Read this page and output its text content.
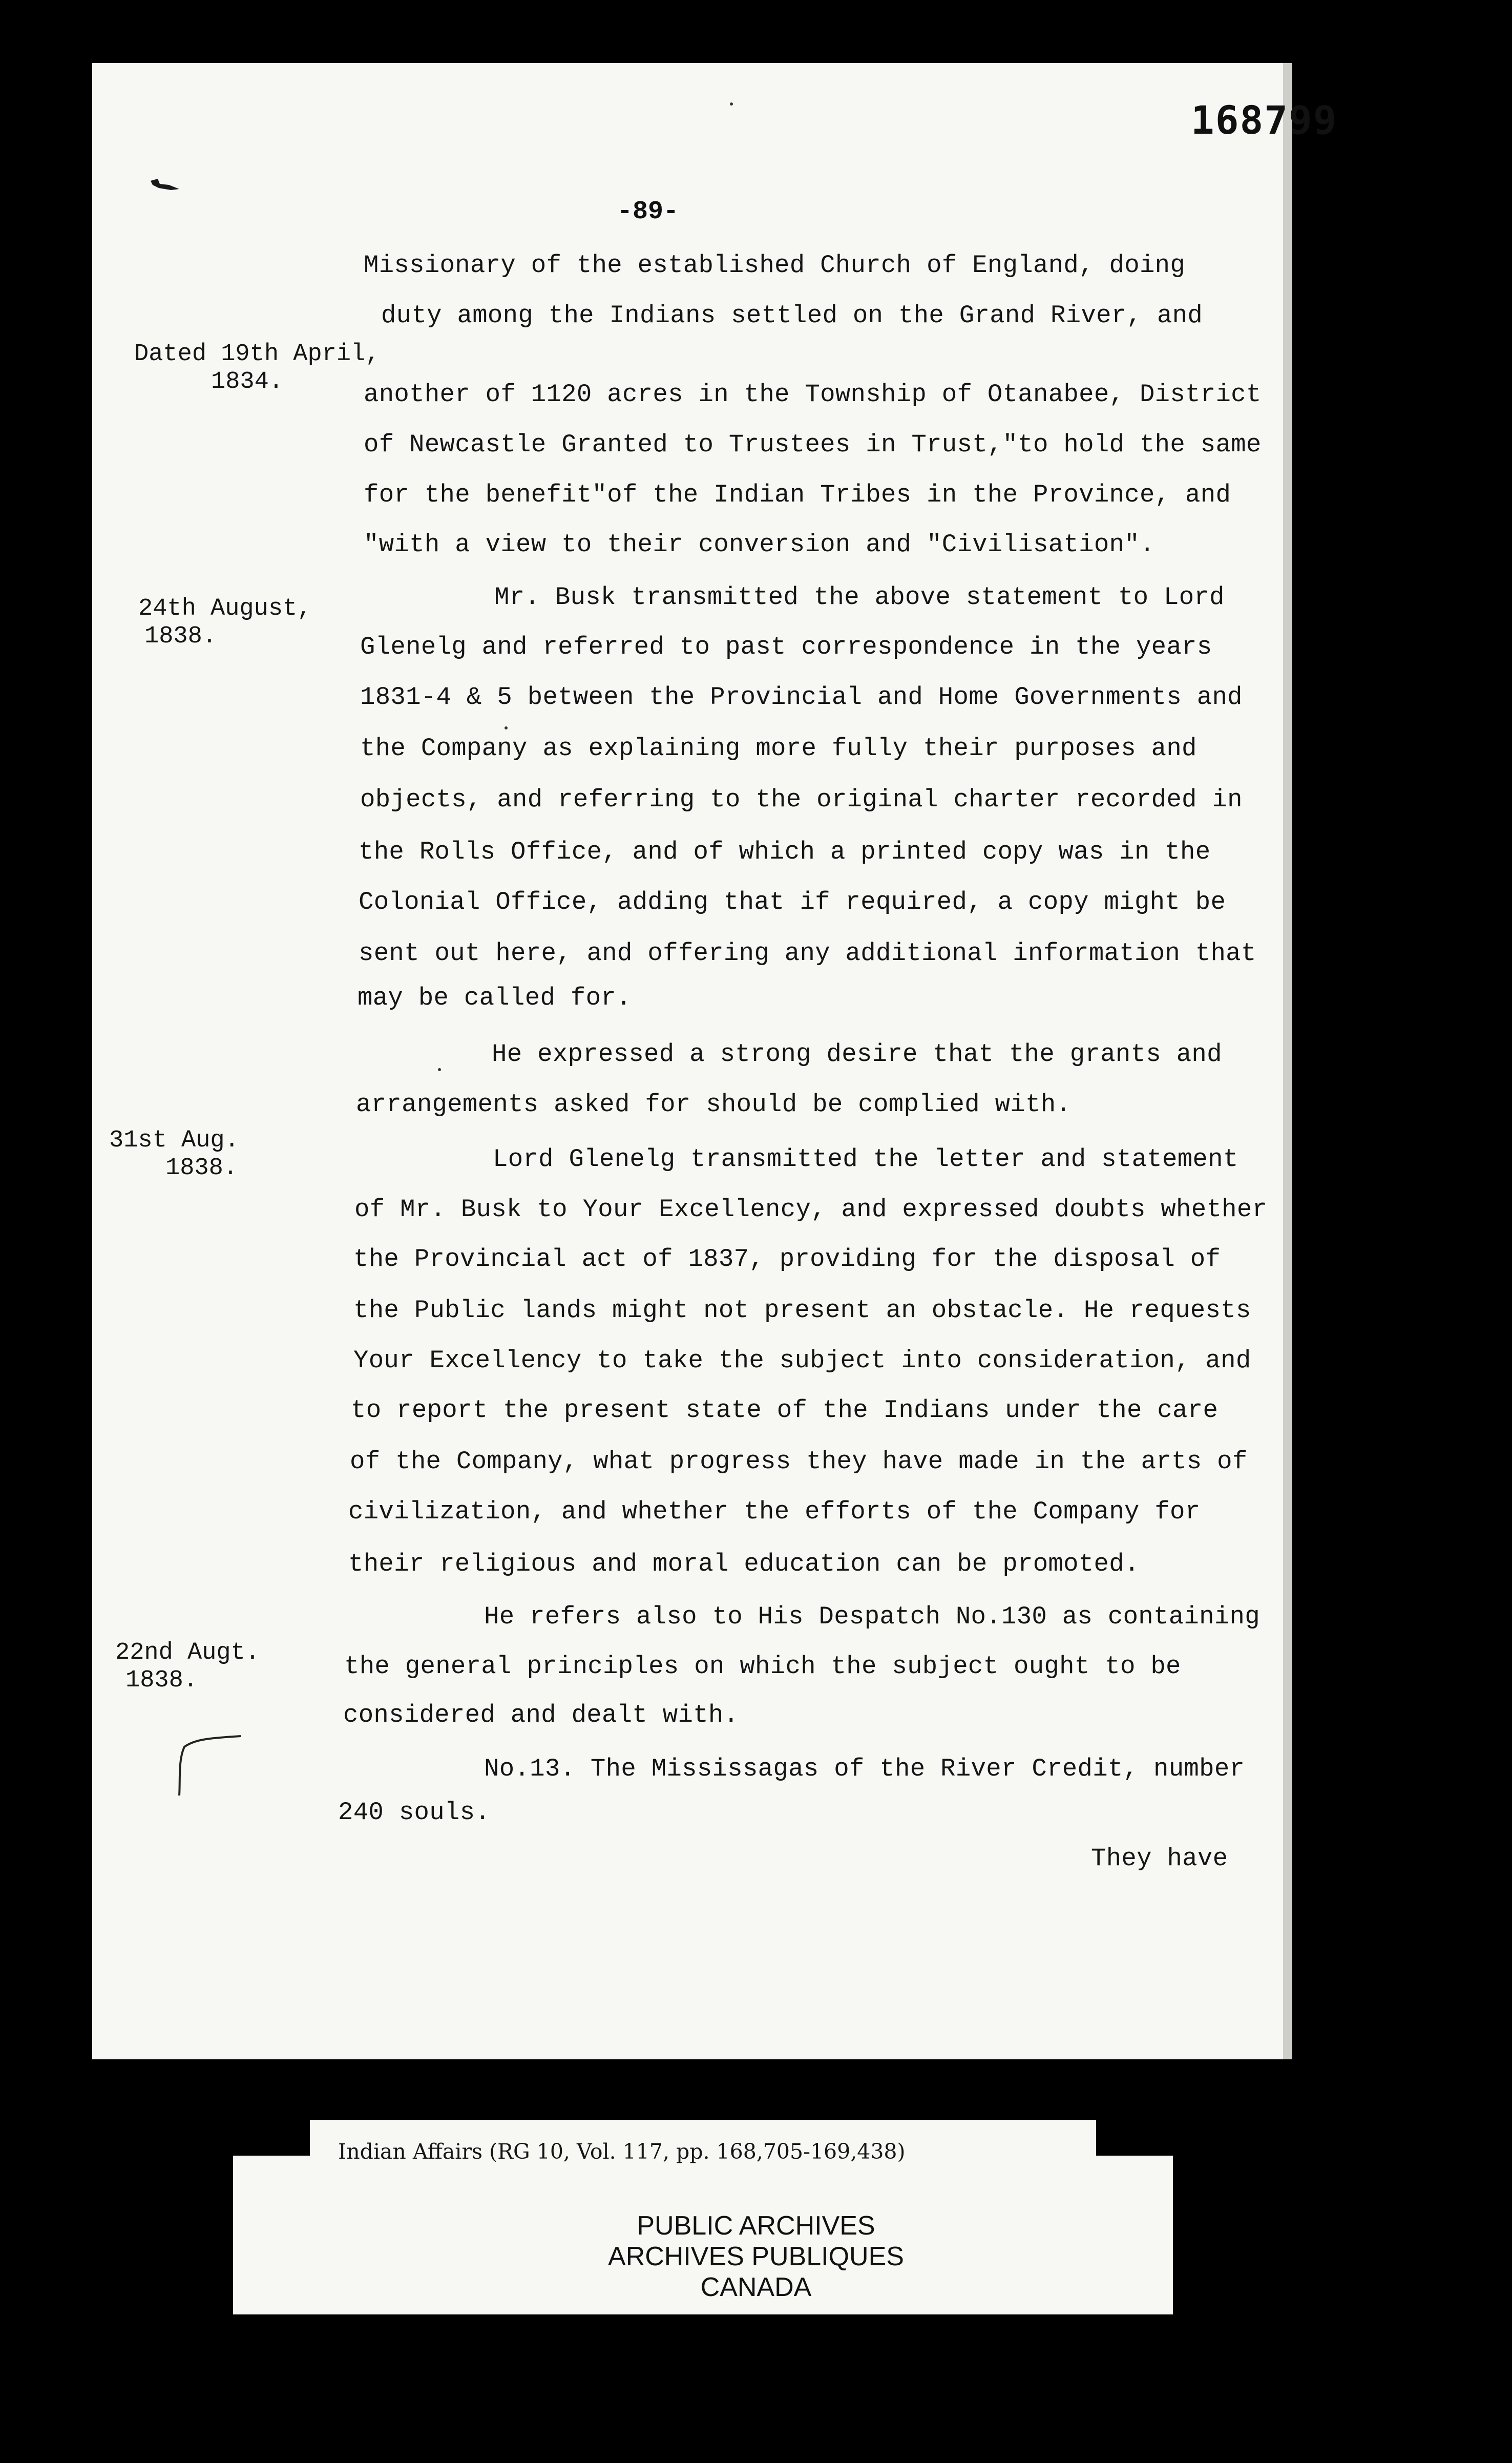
168799
-89-
Dated 19th April,
1834.
24th August,
1838.
31st Aug.
1838.
22nd Augt.
1838.
Missionary of the established Church of England, doing
duty among the Indians settled on the Grand River, and
another of 1120 acres in the Township of Otanabee, District
of Newcastle Granted to Trustees in Trust,"to hold the same
for the benefit"of the Indian Tribes in the Province, and
"with a view to their conversion and "Civilisation".
Mr. Busk transmitted the above statement to Lord
Glenelg and referred to past correspondence in the years
1831-4 & 5 between the Provincial and Home Governments and
the Company as explaining more fully their purposes and
objects, and referring to the original charter recorded in
the Rolls Office, and of which a printed copy was in the
Colonial Office, adding that if required, a copy might be
sent out here, and offering any additional information that
may be called for.
He expressed a strong desire that the grants and
arrangements asked for should be complied with.
Lord Glenelg transmitted the letter and statement
of Mr. Busk to Your Excellency, and expressed doubts whether
the Provincial act of 1837, providing for the disposal of
the Public lands might not present an obstacle. He requests
Your Excellency to take the subject into consideration, and
to report the present state of the Indians under the care
of the Company, what progress they have made in the arts of
civilization, and whether the efforts of the Company for
their religious and moral education can be promoted.
He refers also to His Despatch No.130 as containing
the general principles on which the subject ought to be
considered and dealt with.
No.13. The Mississagas of the River Credit, number
240 souls.
They have
Indian Affairs (RG 10, Vol. 117, pp. 168,705-169,438)
PUBLIC ARCHIVES
ARCHIVES PUBLIQUES
CANADA
